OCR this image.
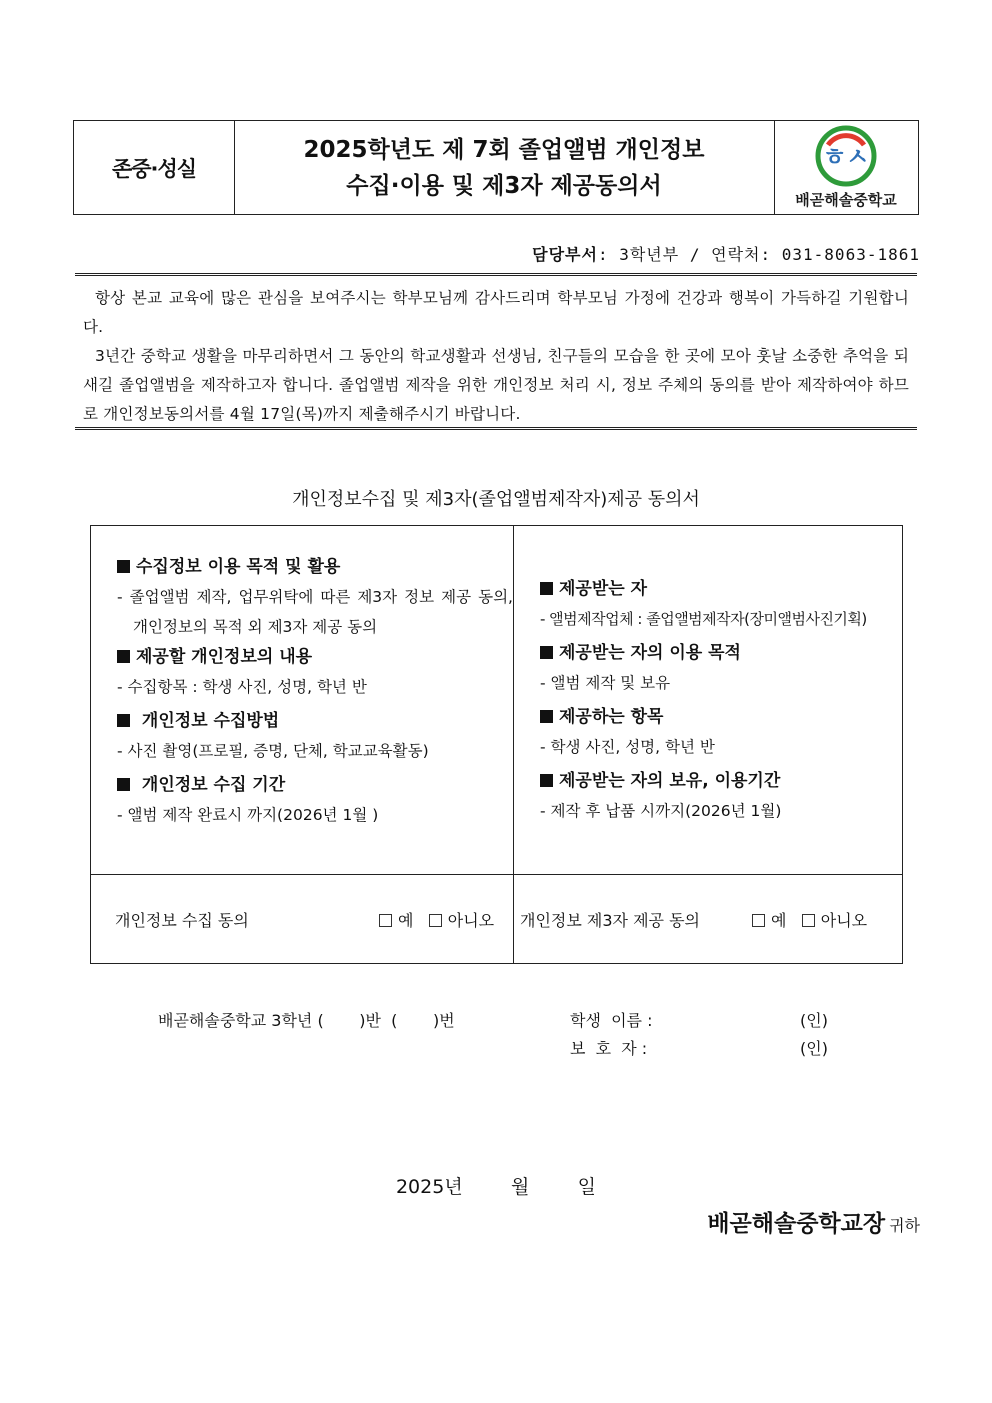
존중·성실
2025학년도 제 7회 졸업앨범 개인정보
수집·이용 및 제3자 제공동의서
ㅎㅅ
배곧해솔중학교
담당부서: 3학년부 / 연락처: 031-8063-1861

항상 본교 교육에 많은 관심을 보여주시는 학부모님께 감사드리며 학부모님 가정에 건강과 행복이 가득하길 기원합니다.

3년간 중학교 생활을 마무리하면서 그 동안의 학교생활과 선생님, 친구들의 모습을 한 곳에 모아 훗날 소중한 추억을 되새길 졸업앨범을 제작하고자 합니다. 졸업앨범 제작을 위한 개인정보 처리 시, 정보 주체의 동의를 받아 제작하여야 하므로 개인정보동의서를 4월 17일(목)까지 제출해주시기 바랍니다.

개인정보수집 및 제3자(졸업앨범제작자)제공 동의서

수집정보 이용 목적 및 활용

- 졸업앨범 제작, 업무위탁에 따른 제3자 정보 제공 동의, 개인정보의 목적 외 제3자 제공 동의

제공할 개인정보의 내용

- 수집항목 : 학생 사진, 성명, 학년 반

개인정보 수집방법

- 사진 촬영(프로필, 증명, 단체, 학교교육활동)

개인정보 수집 기간

- 앨범 제작 완료시 까지(2026년 1월 )

제공받는 자

- 앨범제작업체 : 졸업앨범제작자(장미앨범사진기획)

제공받는 자의 이용 목적

- 앨범 제작 및 보유

제공하는 항목

- 학생 사진, 성명, 학년 반

제공받는 자의 보유, 이용기간

- 제작 후 납품 시까지(2026년 1월)

개인정보 수집 동의	예 아니오 개인정보 제3자 제공 동의	예 아니오
배곧해솔중학교 3학년 (       )반  (       )번	학생  이름 :	(인)
보  호  자 :	(인)
2025년        월        일
배곧해솔중학교장 귀하
